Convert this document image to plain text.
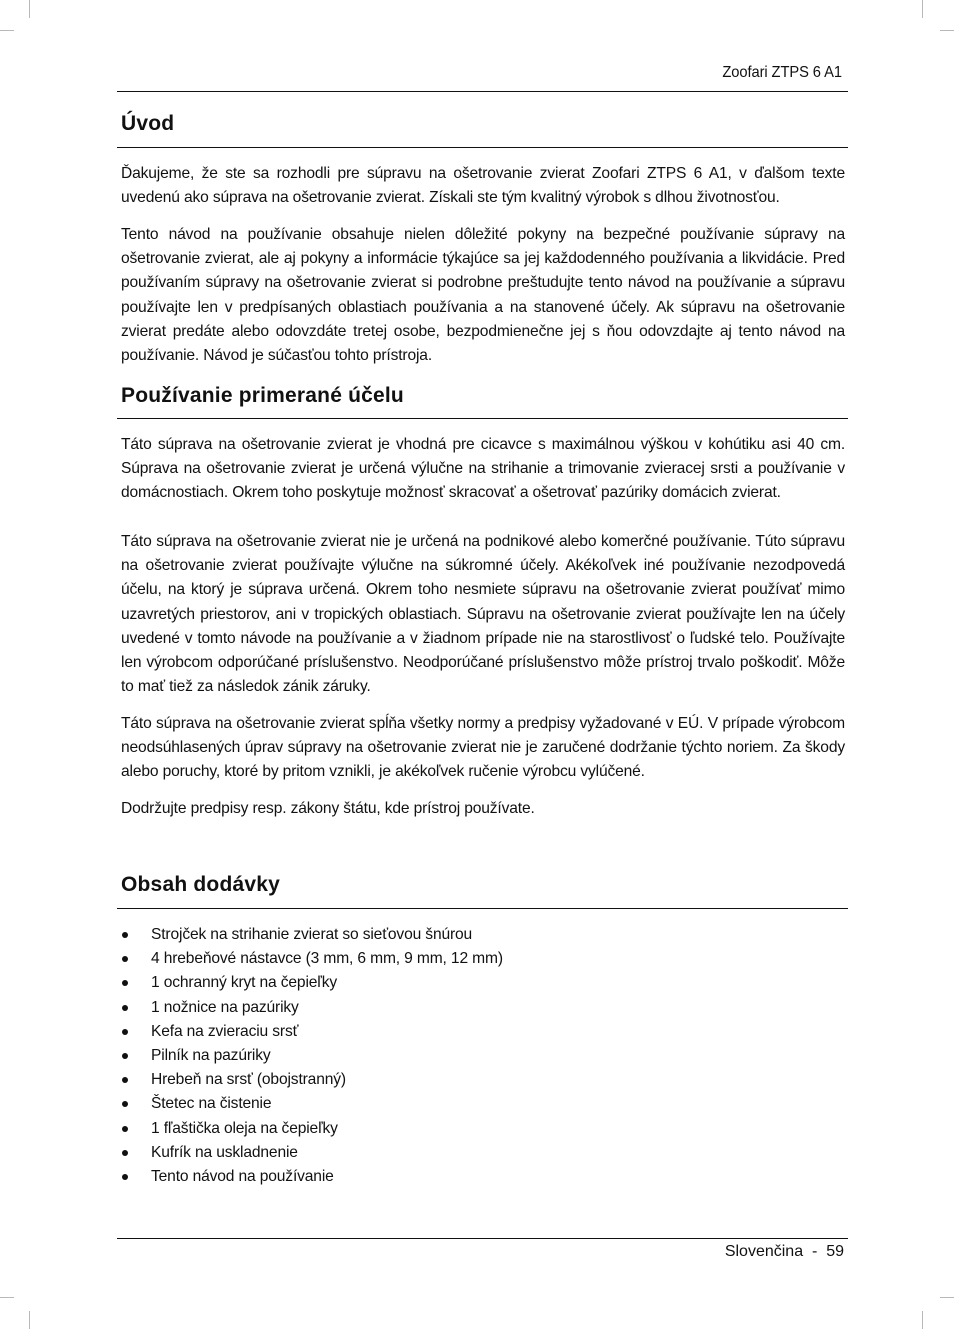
Zoofari ZTPS 6 A1
Úvod

Ďakujeme, že ste sa rozhodli pre súpravu na ošetrovanie zvierat Zoofari ZTPS 6 A1, v ďalšom texte uvedenú ako súprava na ošetrovanie zvierat. Získali ste tým kvalitný výrobok s dlhou životnosťou.

Tento návod na používanie obsahuje nielen dôležité pokyny na bezpečné používanie súpravy na ošetrovanie zvierat, ale aj pokyny a informácie týkajúce sa jej každodenného používania a likvidácie. Pred používaním súpravy na ošetrovanie zvierat si podrobne preštudujte tento návod na používanie a súpravu používajte len v predpísaných oblastiach používania a na stanovené účely. Ak súpravu na ošetrovanie zvierat predáte alebo odovzdáte tretej osobe, bezpodmienečne jej s ňou odovzdajte aj tento návod na používanie. Návod je súčasťou tohto prístroja.

Používanie primerané účelu

Táto súprava na ošetrovanie zvierat je vhodná pre cicavce s maximálnou výškou v kohútiku asi 40 cm. Súprava na ošetrovanie zvierat je určená výlučne na strihanie a trimovanie zvieracej srsti a používanie v domácnostiach. Okrem toho poskytuje možnosť skracovať a ošetrovať pazúriky domácich zvierat.

Táto súprava na ošetrovanie zvierat nie je určená na podnikové alebo komerčné používanie. Túto súpravu na ošetrovanie zvierat používajte výlučne na súkromné účely. Akékoľvek iné používanie nezodpovedá účelu, na ktorý je súprava určená. Okrem toho nesmiete súpravu na ošetrovanie zvierat používať mimo uzavretých priestorov, ani v tropických oblastiach. Súpravu na ošetrovanie zvierat používajte len na účely uvedené v tomto návode na používanie a v žiadnom prípade nie na starostlivosť o ľudské telo. Používajte len výrobcom odporúčané príslušenstvo. Neodporúčané príslušenstvo môže prístroj trvalo poškodiť. Môže to mať tiež za následok zánik záruky.

Táto súprava na ošetrovanie zvierat spĺňa všetky normy a predpisy vyžadované v EÚ. V prípade výrobcom neodsúhlasených úprav súpravy na ošetrovanie zvierat nie je zaručené dodržanie týchto noriem. Za škody alebo poruchy, ktoré by pritom vznikli, je akékoľvek ručenie výrobcu vylúčené.

Dodržujte predpisy resp. zákony štátu, kde prístroj používate.

Obsah dodávky
Strojček na strihanie zvierat so sieťovou šnúrou
4 hrebeňové nástavce (3 mm, 6 mm, 9 mm, 12 mm)
1 ochranný kryt na čepieľky
1 nožnice na pazúriky
Kefa na zvieraciu srsť
Pilník na pazúriky
Hrebeň na srsť (obojstranný)
Štetec na čistenie
1 fľaštička oleja na čepieľky
Kufrík na uskladnenie
Tento návod na používanie
Slovenčina - 59
